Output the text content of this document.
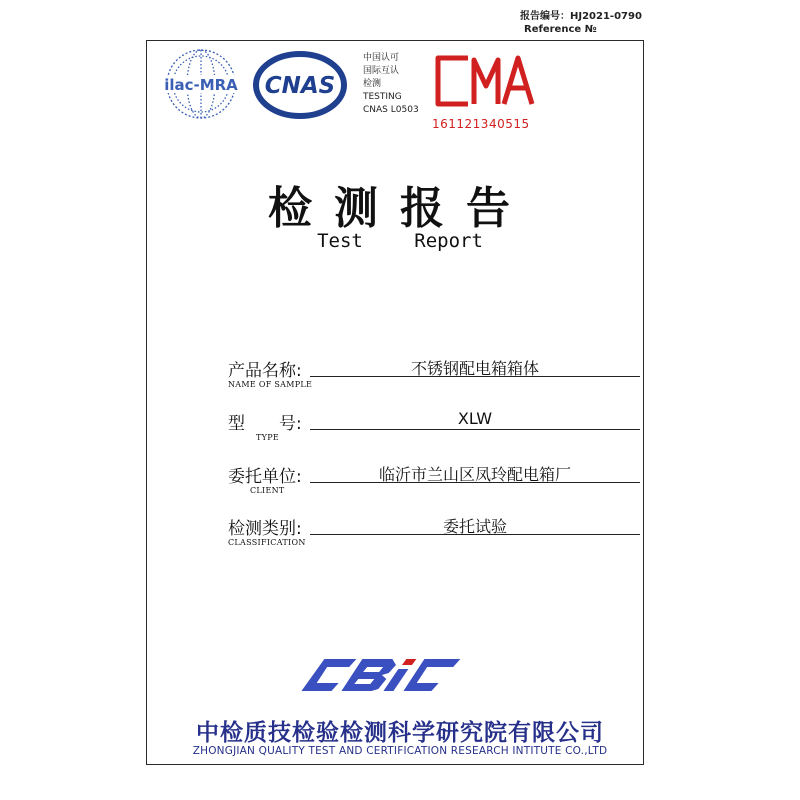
报告编号：HJ2021-0790
Reference №
ilac-MRA CNAS
中国认可
国际互认
检测
TESTING
CNAS L0503
CMA
161121340515
检测报告
Test Report
产品名称:
NAME OF SAMPLE
不锈钢配电箱箱体
型　　号:
TYPE
XLW
委托单位:
CLIENT
临沂市兰山区凤玲配电箱厂
检测类别:
CLASSIFICATION
委托试验
CBIC
中检质技检验检测科学研究院有限公司
ZHONGJIAN QUALITY TEST AND CERTIFICATION RESEARCH INTITUTE CO.,LTD
